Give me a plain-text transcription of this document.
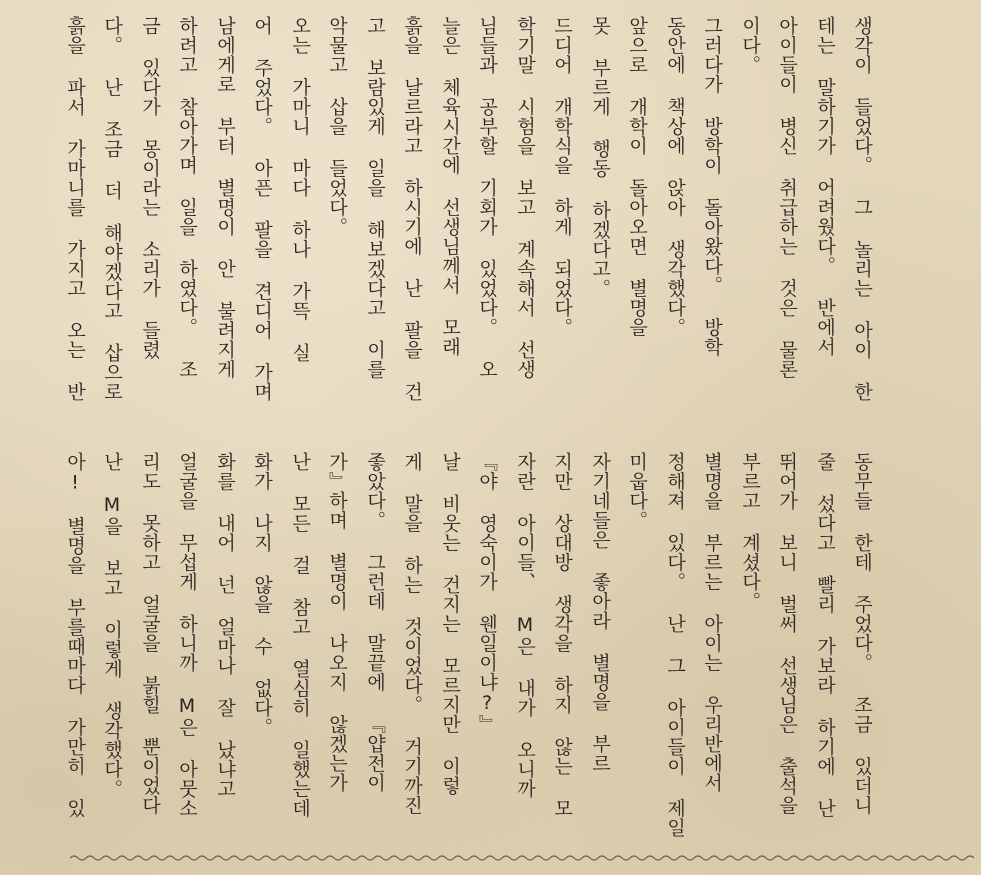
생각이 들었다。 그 놀리는 아이 한
테는 말하기가 어려웠다。 반에서
아이들이 병신 취급하는 것은 물론
이다。
그러다가 방학이 돌아왔다。 방학
동안에 책상에 앉아 생각했다。
앞으로 개학이 돌아오면 별명을
못 부르게 행동 하겠다고。
드디어 개학식을 하게 되었다。
학기말 시험을 보고 계속해서 선생
님들과 공부할 기회가 있었다。 오
늘은 체육시간에 선생님께서 모래
흙을 날르라고 하시기에 난 팔을 건
고 보람있게 일을 해보겠다고 이를
악물고 삽을 들었다。
오는 가마니 마다 하나 가뜩 실
어 주었다。 아픈 팔을 견디어 가며
남에게로 부터 별명이 안 불려지게
하려고 참아가며 일을 하였다。 조
금 있다가 몽이라는 소리가 들렸
다。 난 조금 더 해야겠다고 삽으로
흙을 파서 가마니를 가지고 오는 반
동무들 한테 주었다。 조금 있더니
줄 섰다고 빨리 가보라 하기에 난
뛰어가 보니 벌써 선생님은 출석을
부르고 계셨다。
별명을 부르는 아이는 우리반에서
정해져 있다。 난 그 아이들이 제일
미웁다。
자기네들은 좋아라 별명을 부르
지만 상대방 생각을 하지 않는 모
자란 아이들、 M은 내가 오니까
『야 영숙이가 웬일이냐?』
날 비웃는 건지는 모르지만 이렇
게 말을 하는 것이었다。 거기까진
좋았다。 그런데 말끝에 『얍전이
가』하며 별명이 나오지 않겠는가
난 모든 걸 참고 열심히 일했는데
화가 나지 않을 수 없다。
화를 내어 넌 얼마나 잘 났냐고
얼굴을 무섭게 하니까 M은 아뭇소
리도 못하고 얼굴을 붉힐 뿐이었다
난 M을 보고 이렇게 생각했다。
아! 별명을 부를때마다 가만히 있
